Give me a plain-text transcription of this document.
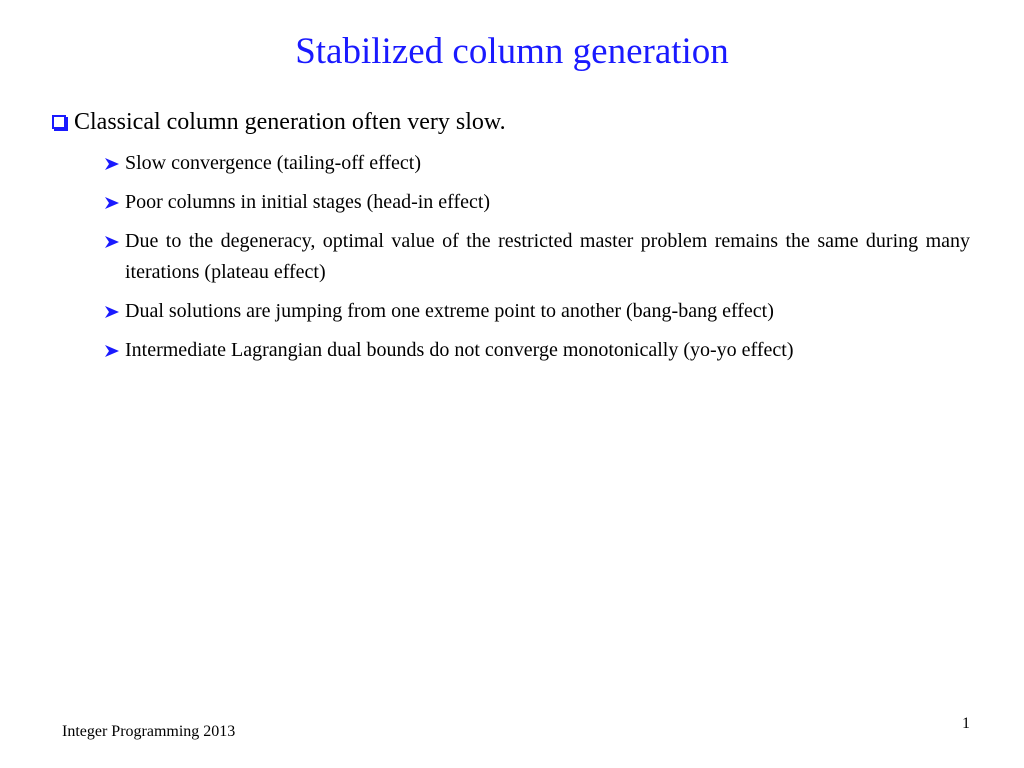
Stabilized column generation
Classical column generation often very slow.
Slow convergence (tailing-off effect)
Poor columns in initial stages (head-in effect)
Due to the degeneracy, optimal value of the restricted master problem remains the same during many iterations (plateau effect)
Dual solutions are jumping from one extreme point to another (bang-bang effect)
Intermediate Lagrangian dual bounds do not converge monotonically (yo-yo effect)
Integer Programming 2013	1
